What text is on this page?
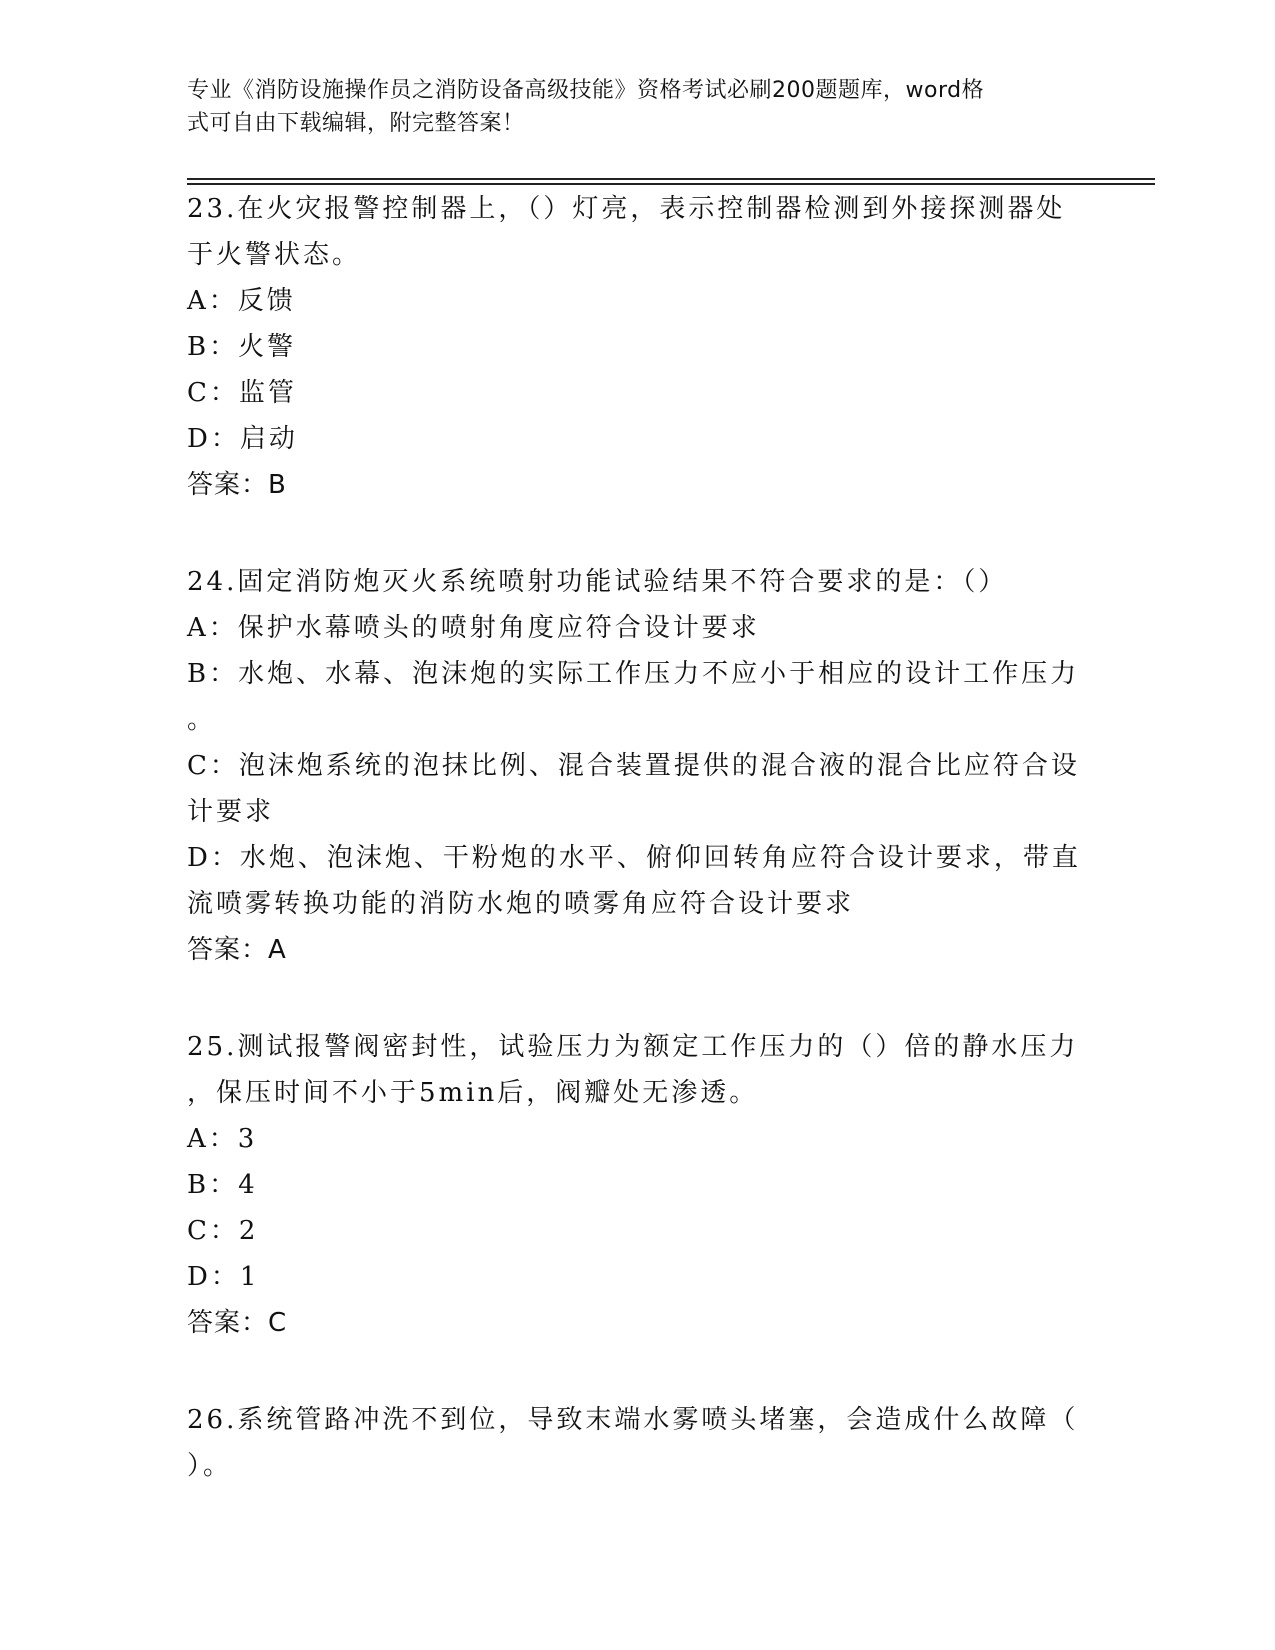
专业《消防设施操作员之消防设备高级技能》资格考试必刷200题题库，word格
式可自由下载编辑，附完整答案！

23.在火灾报警控制器上，（）灯亮，表示控制器检测到外接探测器处
于火警状态。

A：反馈

B：火警

C：监管

D：启动

答案：B

24.固定消防炮灭火系统喷射功能试验结果不符合要求的是：（）

A：保护水幕喷头的喷射角度应符合设计要求

B：水炮、水幕、泡沫炮的实际工作压力不应小于相应的设计工作压力
。

C：泡沫炮系统的泡抹比例、混合装置提供的混合液的混合比应符合设
计要求

D：水炮、泡沫炮、干粉炮的水平、俯仰回转角应符合设计要求，带直
流喷雾转换功能的消防水炮的喷雾角应符合设计要求

答案：A

25.测试报警阀密封性，试验压力为额定工作压力的（）倍的静水压力
，保压时间不小于5min后，阀瓣处无渗透。

A：3

B：4

C：2

D：1

答案：C

26.系统管路冲洗不到位，导致末端水雾喷头堵塞，会造成什么故障（
）。
